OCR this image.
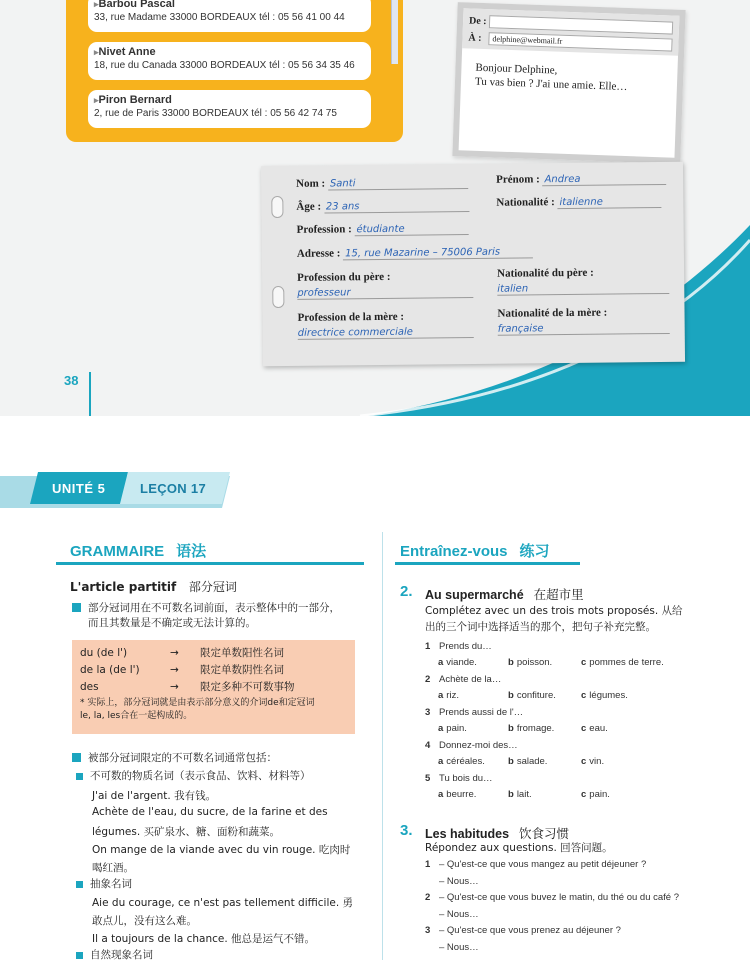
▸ Barbou Pascal
33, rue Madame 33000 BORDEAUX tél : 05 56 41 00 44
▸ Nivet Anne
18, rue du Canada 33000 BORDEAUX tél : 05 56 34 35 46
▸ Piron Bernard
2, rue de Paris 33000 BORDEAUX tél : 05 56 42 74 75
De :
À :	delphine@webmail.fr
Bonjour Delphine,
Tu vas bien ? J'ai une amie. Elle…
Nom : Santi	Prénom : Andrea
Âge : 23 ans	Nationalité : italienne
Profession : étudiante
Adresse : 15, rue Mazarine – 75006 Paris
Profession du père :
professeur
Nationalité du père :
italien
Profession de la mère :
directrice commerciale
Nationalité de la mère :
française
38
UNITÉ 5	LEÇON 17
GRAMMAIRE 语法
L'article partitif 部分冠词
部分冠词用在不可数名词前面，表示整体中的一部分，
而且其数量是不确定或无法计算的。
du (de l')	→	限定单数阳性名词
de la (de l')	→	限定单数阴性名词
des	→	限定多种不可数事物
* 实际上，部分冠词就是由表示部分意义的介词de和定冠词
le, la, les合在一起构成的。
被部分冠词限定的不可数名词通常包括：
不可数的物质名词（表示食品、饮料、材料等）
J'ai de l'argent. 我有钱。
Achète de l'eau, du sucre, de la farine et des
légumes. 买矿泉水、糖、面粉和蔬菜。
On mange de la viande avec du vin rouge. 吃肉时
喝红酒。
抽象名词
Aie du courage, ce n'est pas tellement difficile. 勇
敢点儿，没有这么难。
Il a toujours de la chance. 他总是运气不错。
自然现象名词
Entraînez-vous 练习
2. Au supermarché 在超市里
Complétez avec un des trois mots proposés. 从给
出的三个词中选择适当的那个，把句子补充完整。
1 Prends du…
a viande.	b poisson.	c pommes de terre.
2 Achète de la…
a riz.	b confiture.	c légumes.
3 Prends aussi de l'…
a pain.	b fromage.	c eau.
4 Donnez-moi des…
a céréales. b salade.	c vin.
5 Tu bois du…
a beurre.	b lait.	c pain.
3. Les habitudes 饮食习惯
Répondez aux questions. 回答问题。
1 – Qu'est-ce que vous mangez au petit déjeuner ?
– Nous…
2 – Qu'est-ce que vous buvez le matin, du thé ou du café ?
– Nous…
3 – Qu'est-ce que vous prenez au déjeuner ?
– Nous…
